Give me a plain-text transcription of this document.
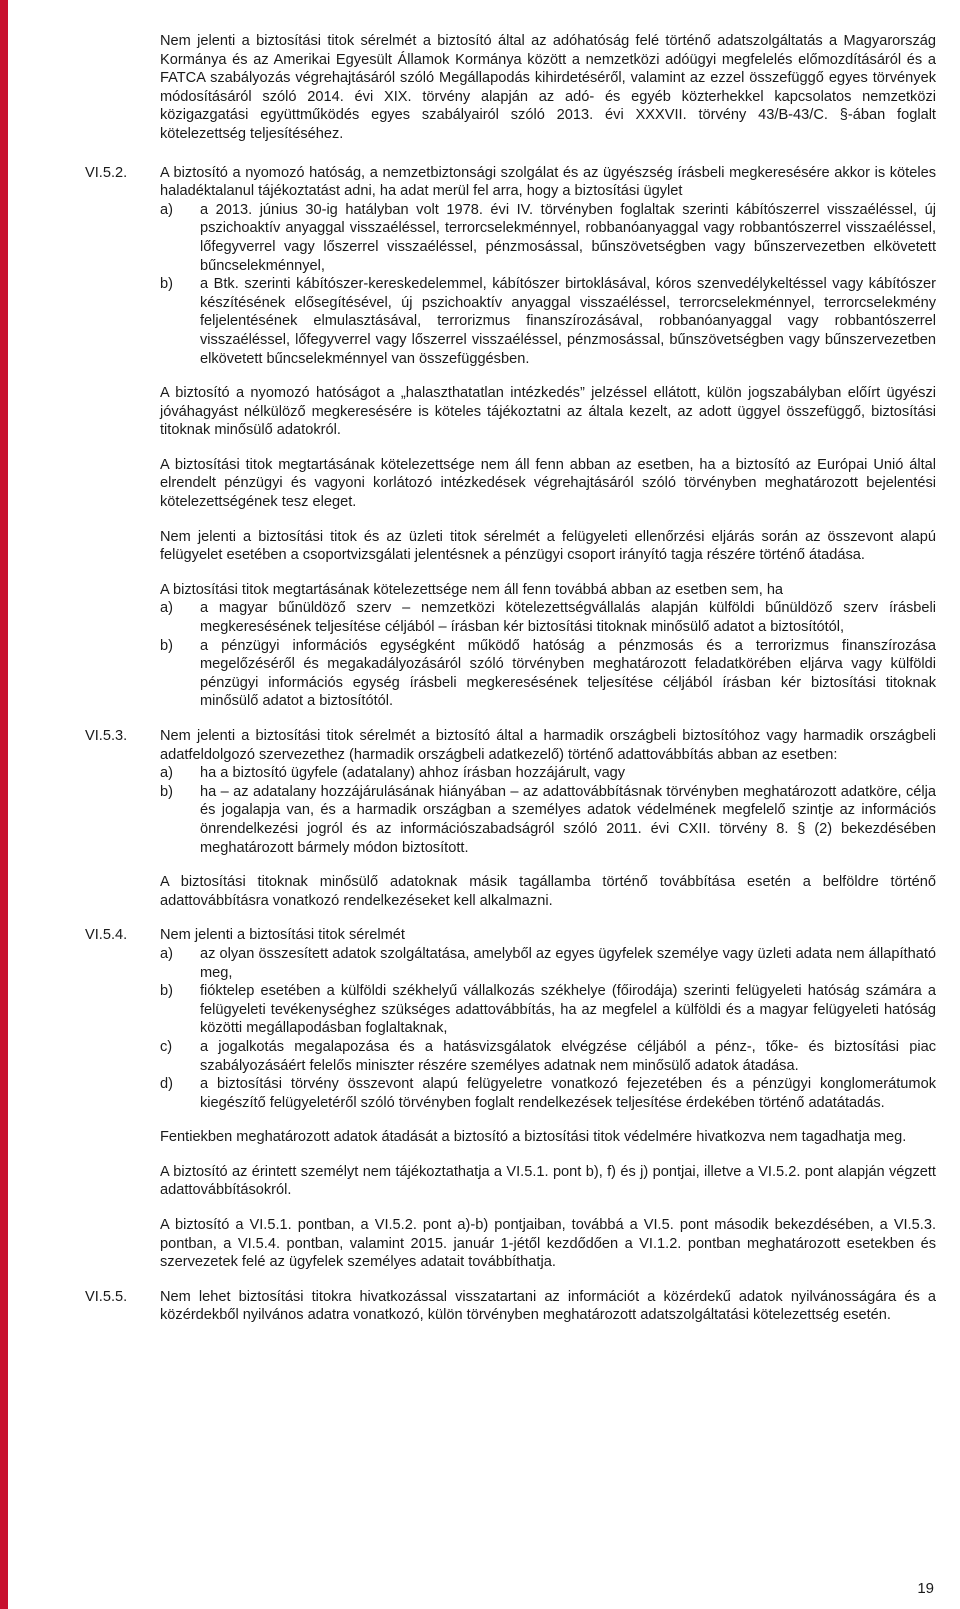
Nem jelenti a biztosítási titok sérelmét a biztosító által az adóhatóság felé történő adatszolgáltatás a Magyarország Kormánya és az Amerikai Egyesült Államok Kormánya között a nemzetközi adóügyi megfelelés előmozdításáról és a FATCA szabályozás végrehajtásáról szóló Megállapodás kihirdetéséről, valamint az ezzel összefüggő egyes törvények módosításáról szóló 2014. évi XIX. törvény alapján az adó- és egyéb közterhekkel kapcsolatos nemzetközi közigazgatási együttműködés egyes szabályairól szóló 2013. évi XXXVII. törvény 43/B-43/C. §-ában foglalt kötelezettség teljesítéséhez.

VI.5.2.	A biztosító a nyomozó hatóság, a nemzetbiztonsági szolgálat és az ügyészség írásbeli megkeresésére akkor is köteles haladéktalanul tájékoztatást adni, ha adat merül fel arra, hogy a biztosítási ügylet

a) a 2013. június 30-ig hatályban volt 1978. évi IV. törvényben foglaltak szerinti kábítószerrel visszaéléssel, új pszichoaktív anyaggal visszaéléssel, terrorcselekménnyel, robbanóanyaggal vagy robbantószerrel visszaéléssel, lőfegyverrel vagy lőszerrel visszaéléssel, pénzmosással, bűnszövetségben vagy bűnszervezetben elkövetett bűncselekménnyel,
b) a Btk. szerinti kábítószer-kereskedelemmel, kábítószer birtoklásával, kóros szenvedélykeltéssel vagy kábítószer készítésének elősegítésével, új pszichoaktív anyaggal visszaéléssel, terrorcselekménnyel, terrorcselekmény feljelentésének elmulasztásával, terrorizmus finanszírozásával, robbanóanyaggal vagy robbantószerrel visszaéléssel, lőfegyverrel vagy lőszerrel visszaéléssel, pénzmosással, bűnszövetségben vagy bűnszervezetben elkövetett bűncselekménnyel van összefüggésben.

A biztosító a nyomozó hatóságot a „halaszthatatlan intézkedés” jelzéssel ellátott, külön jogszabályban előírt ügyészi jóváhagyást nélkülöző megkeresésére is köteles tájékoztatni az általa kezelt, az adott üggyel összefüggő, biztosítási titoknak minősülő adatokról.

A biztosítási titok megtartásának kötelezettsége nem áll fenn abban az esetben, ha a biztosító az Európai Unió által elrendelt pénzügyi és vagyoni korlátozó intézkedések végrehajtásáról szóló törvényben meghatározott bejelentési kötelezettségének tesz eleget.

Nem jelenti a biztosítási titok és az üzleti titok sérelmét a felügyeleti ellenőrzési eljárás során az összevont alapú felügyelet esetében a csoportvizsgálati jelentésnek a pénzügyi csoport irányító tagja részére történő átadása.

A biztosítási titok megtartásának kötelezettsége nem áll fenn továbbá abban az esetben sem, ha

a) a magyar bűnüldöző szerv – nemzetközi kötelezettségvállalás alapján külföldi bűnüldöző szerv írásbeli megkeresésének teljesítése céljából – írásban kér biztosítási titoknak minősülő adatot a biztosítótól,
b) a pénzügyi információs egységként működő hatóság a pénzmosás és a terrorizmus finanszírozása megelőzéséről és megakadályozásáról szóló törvényben meghatározott feladatkörében eljárva vagy külföldi pénzügyi információs egység írásbeli megkeresésének teljesítése céljából írásban kér biztosítási titoknak minősülő adatot a biztosítótól.
VI.5.3.	Nem jelenti a biztosítási titok sérelmét a biztosító által a harmadik országbeli biztosítóhoz vagy harmadik országbeli adatfeldolgozó szervezethez (harmadik országbeli adatkezelő) történő adattovábbítás abban az esetben:

a) ha a biztosító ügyfele (adatalany) ahhoz írásban hozzájárult, vagy
b) ha – az adatalany hozzájárulásának hiányában – az adattovábbításnak törvényben meghatározott adatköre, célja és jogalapja van, és a harmadik országban a személyes adatok védelmének megfelelő szintje az információs önrendelkezési jogról és az információszabadságról szóló 2011. évi CXII. törvény 8. § (2) bekezdésében meghatározott bármely módon biztosított.

A biztosítási titoknak minősülő adatoknak másik tagállamba történő továbbítása esetén a belföldre történő adattovábbításra vonatkozó rendelkezéseket kell alkalmazni.

VI.5.4.	Nem jelenti a biztosítási titok sérelmét

a) az olyan összesített adatok szolgáltatása, amelyből az egyes ügyfelek személye vagy üzleti adata nem állapítható meg,
b) fióktelep esetében a külföldi székhelyű vállalkozás székhelye (főirodája) szerinti felügyeleti hatóság számára a felügyeleti tevékenységhez szükséges adattovábbítás, ha az megfelel a külföldi és a magyar felügyeleti hatóság közötti megállapodásban foglaltaknak,
c) a jogalkotás megalapozása és a hatásvizsgálatok elvégzése céljából a pénz-, tőke- és biztosítási piac szabályozásáért felelős miniszter részére személyes adatnak nem minősülő adatok átadása.
d) a biztosítási törvény összevont alapú felügyeletre vonatkozó fejezetében és a pénzügyi konglomerátumok kiegészítő felügyeletéről szóló törvényben foglalt rendelkezések teljesítése érdekében történő adatátadás.

Fentiekben meghatározott adatok átadását a biztosító a biztosítási titok védelmére hivatkozva nem tagadhatja meg.

A biztosító az érintett személyt nem tájékoztathatja a VI.5.1. pont b), f) és j) pontjai, illetve a VI.5.2. pont alapján végzett adattovábbításokról.

A biztosító a VI.5.1. pontban, a VI.5.2. pont a)-b) pontjaiban, továbbá a VI.5. pont második bekezdésében, a VI.5.3. pontban, a VI.5.4. pontban, valamint 2015. január 1-jétől kezdődően a VI.1.2. pontban meghatározott esetekben és szervezetek felé az ügyfelek személyes adatait továbbíthatja.

VI.5.5.	Nem lehet biztosítási titokra hivatkozással visszatartani az információt a közérdekű adatok nyilvánosságára és a közérdekből nyilvános adatra vonatkozó, külön törvényben meghatározott adatszolgáltatási kötelezettség esetén.

19
